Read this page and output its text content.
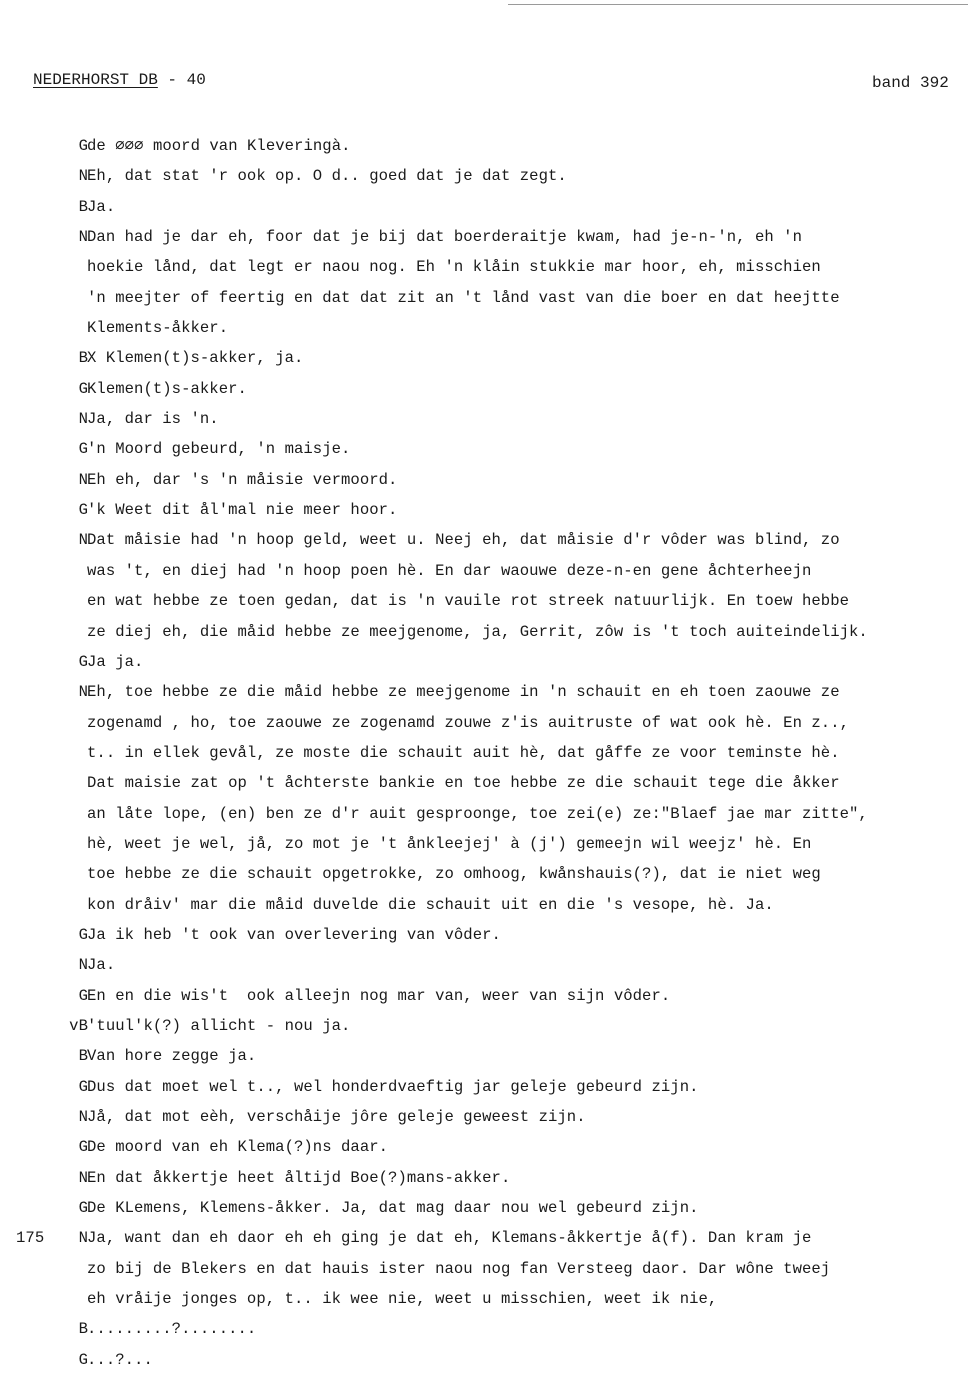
NEDERHORST DB - 40	band 392
G de ∅∅∅ moord van Kleveringà.
N Eh, dat stat 'r ook op. O d.. goed dat je dat zegt.
B Ja.
N Dan had je dar eh, foor dat je bij dat boerderaitje kwam, had je-n-'n, eh 'n
hoekie lånd, dat legt er naou nog. Eh 'n klåin stukkie mar hoor, eh, misschien
'n meejter of feertig en dat dat zit an 't lånd vast van die boer en dat heejtte
Klements-åkker.
B X Klemen(t)s-akker, ja.
G Klemen(t)s-akker.
N Ja, dar is 'n.
G 'n Moord gebeurd, 'n maisje.
N Eh eh, dar 's 'n måisie vermoord.
G 'k Weet dit ål'mal nie meer hoor.
N Dat måisie had 'n hoop geld, weet u. Neej eh, dat måisie d'r vôder was blind, zo
was 't, en diej had 'n hoop poen hè. En dar waouwe deze-n-en gene åchterheejn
en wat hebbe ze toen gedan, dat is 'n vauile rot streek natuurlijk. En toew hebbe
ze diej eh, die måid hebbe ze meejgenome, ja, Gerrit, zôw is 't toch auiteindelijk.
G Ja ja.
N Eh, toe hebbe ze die måid hebbe ze meejgenome in 'n schauit en eh toen zaouwe ze
zogenamd , ho, toe zaouwe ze zogenamd zouwe z'is auitruste of wat ook hè. En z..,
t.. in ellek gevål, ze moste die schauit auit hè, dat gåffe ze voor teminste hè.
Dat maisie zat op 't åchterste bankie en toe hebbe ze die schauit tege die åkker
an låte lope, (en) ben ze d'r auit gesproonge, toe zei(e) ze:"Blaef jae mar zitte",
hè, weet je wel, jå, zo mot je 't ånkleejej' à (j') gemeejn wil weejz' hè. En
toe hebbe ze die schauit opgetrokke, zo omhoog, kwånshauis(?), dat ie niet weg
kon dråiv' mar die måid duvelde die schauit uit en die 's vesope, hè. Ja.
G Ja ik heb 't ook van overlevering van vôder.
N Ja.
G En en die wis't  ook alleejn nog mar van, weer van sijn vôder.
vB 'tuul'k(?) allicht - nou ja.
B Van hore zegge ja.
G Dus dat moet wel t.., wel honderdvaeftig jar geleje gebeurd zijn.
N Jå, dat mot eèh, verschåije jôre geleje geweest zijn.
G De moord van eh Klema(?)ns daar.
N En dat åkkertje heet åltijd Boe(?)mans-akker.
G De KLemens, Klemens-åkker. Ja, dat mag daar nou wel gebeurd zijn.
175	N Ja, want dan eh daor eh eh ging je dat eh, Klemans-åkkertje å(f). Dan kram je
zo bij de Blekers en dat hauis ister naou nog fan Versteeg daor. Dar wône tweej
eh vråije jonges op, t.. ik wee nie, weet u misschien, weet ik nie,
B .........?........
G ...?...
